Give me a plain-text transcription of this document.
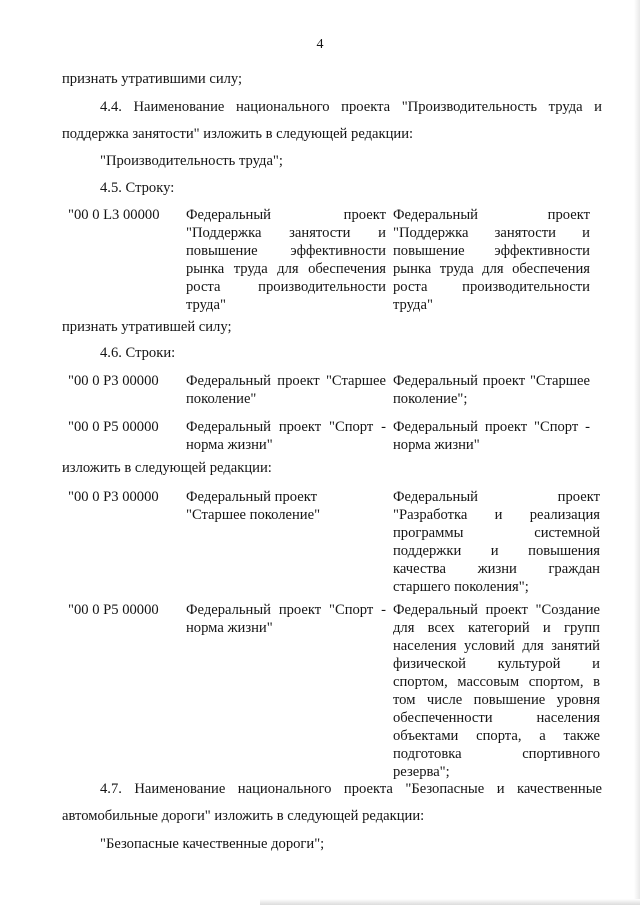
4

признать утратившими силу;

4.4. Наименование национального проекта "Производительность труда и

поддержка занятости" изложить в следующей редакции:

"Производительность труда";

4.5. Строку:

"00 0 L3 00000 Федеральный проект
"Поддержка занятости и
повышение эффективности
рынка труда для обеспечения
роста производительности
труда"
Федеральный проект
"Поддержка занятости и
повышение эффективности
рынка труда для обеспечения
роста производительности
труда"

признать утратившей силу;

4.6. Строки:

"00 0 P3 00000 Федеральный проект "Старшее
поколение"
Федеральный проект "Старшее
поколение";
"00 0 P5 00000 Федеральный проект "Спорт -
норма жизни"
Федеральный проект "Спорт -
норма жизни"

изложить в следующей редакции:

"00 0 P3 00000 Федеральный проект
"Старшее поколение"
Федеральный проект
"Разработка и реализация
программы системной
поддержки и повышения
качества жизни граждан
старшего поколения";
"00 0 P5 00000 Федеральный проект "Спорт -
норма жизни"
Федеральный проект "Создание
для всех категорий и групп
населения условий для занятий
физической культурой и
спортом, массовым спортом, в
том числе повышение уровня
обеспеченности населения
объектами спорта, а также
подготовка спортивного
резерва";

4.7. Наименование национального проекта "Безопасные и качественные

автомобильные дороги" изложить в следующей редакции:

"Безопасные качественные дороги";
